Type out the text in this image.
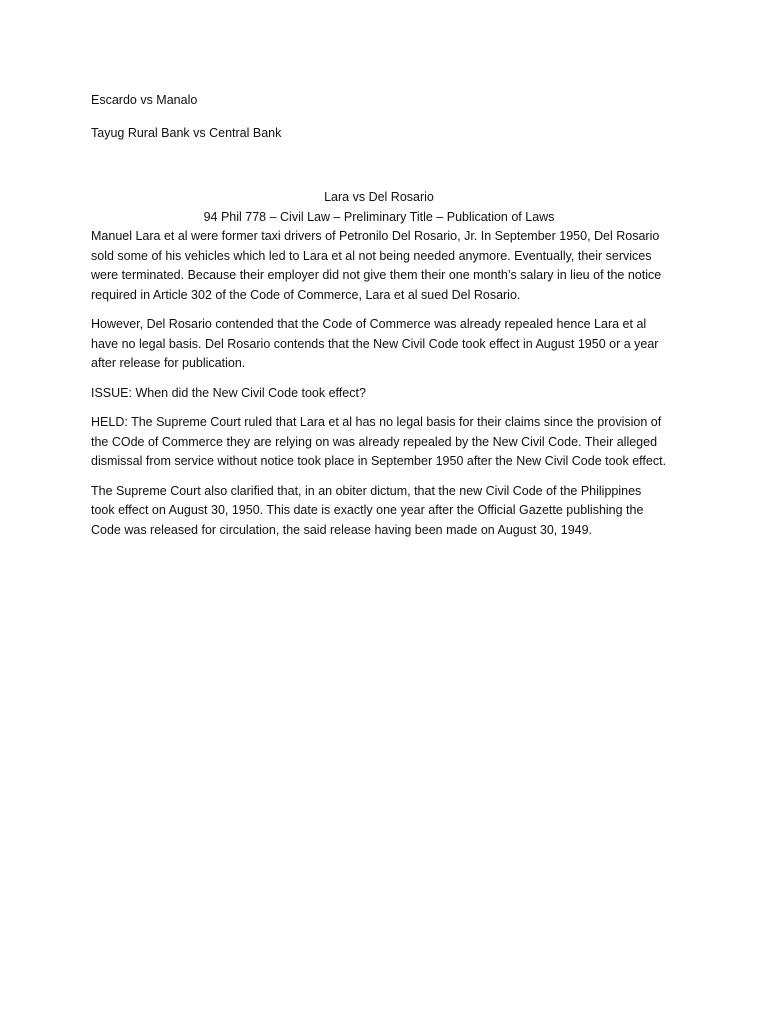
Escardo vs Manalo

Tayug Rural Bank vs Central Bank

Lara vs Del Rosario

94 Phil 778 – Civil Law – Preliminary Title – Publication of Laws

Manuel Lara et al were former taxi drivers of Petronilo Del Rosario, Jr. In September 1950, Del Rosario sold some of his vehicles which led to Lara et al not being needed anymore. Eventually, their services were terminated. Because their employer did not give them their one month’s salary in lieu of the notice required in Article 302 of the Code of Commerce, Lara et al sued Del Rosario.

However, Del Rosario contended that the Code of Commerce was already repealed hence Lara et al have no legal basis. Del Rosario contends that the New Civil Code took effect in August 1950 or a year after release for publication.

ISSUE: When did the New Civil Code took effect?

HELD: The Supreme Court ruled that Lara et al has no legal basis for their claims since the provision of the COde of Commerce they are relying on was already repealed by the New Civil Code. Their alleged dismissal from service without notice took place in September 1950 after the New Civil Code took effect.

The Supreme Court also clarified that, in an obiter dictum, that the new Civil Code of the Philippines took effect on August 30, 1950. This date is exactly one year after the Official Gazette publishing the Code was released for circulation, the said release having been made on August 30, 1949.
